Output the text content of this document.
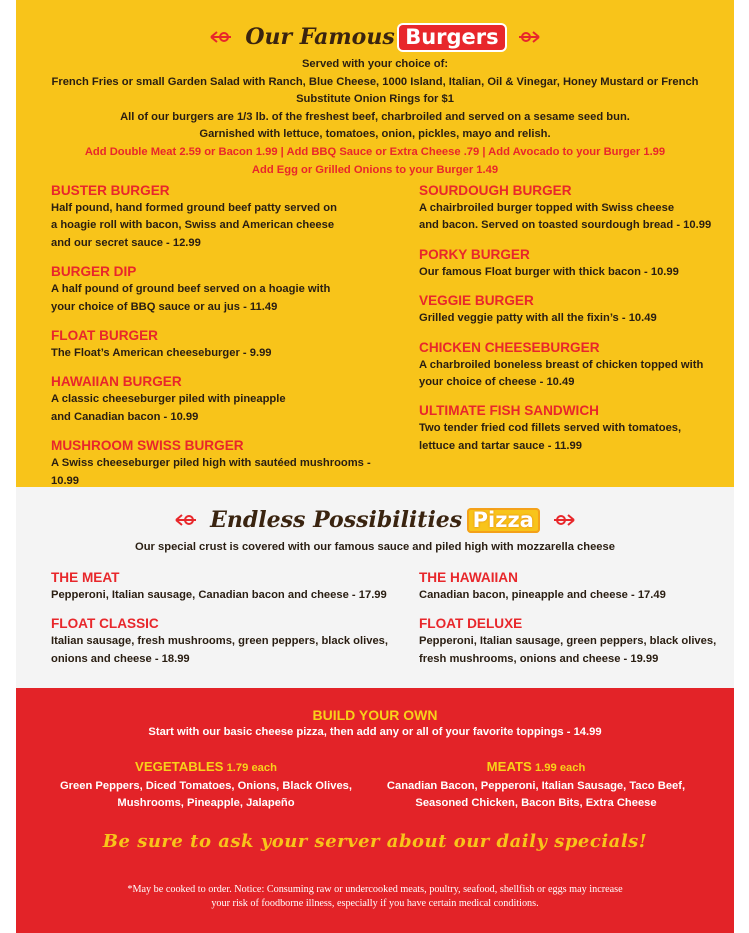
Our Famous Burgers
Served with your choice of:
French Fries or small Garden Salad with Ranch, Blue Cheese, 1000 Island, Italian, Oil & Vinegar, Honey Mustard or French
Substitute Onion Rings for $1
All of our burgers are 1/3 lb. of the freshest beef, charbroiled and served on a sesame seed bun.
Garnished with lettuce, tomatoes, onion, pickles, mayo and relish.
Add Double Meat 2.59 or Bacon 1.99 | Add BBQ Sauce or Extra Cheese .79 | Add Avocado to your Burger 1.99
Add Egg or Grilled Onions to your Burger 1.49
BUSTER BURGER
Half pound, hand formed ground beef patty served on
a hoagie roll with bacon, Swiss and American cheese
and our secret sauce - 12.99
BURGER DIP
A half pound of ground beef served on a hoagie with
your choice of BBQ sauce or au jus - 11.49
FLOAT BURGER
The Float’s American cheeseburger - 9.99
HAWAIIAN BURGER
A classic cheeseburger piled with pineapple
and Canadian bacon - 10.99
MUSHROOM SWISS BURGER
A Swiss cheeseburger piled high with sautéed mushrooms - 10.99
SOURDOUGH BURGER
A chairbroiled burger topped with Swiss cheese
and bacon. Served on toasted sourdough bread - 10.99
PORKY BURGER
Our famous Float burger with thick bacon - 10.99
VEGGIE BURGER
Grilled veggie patty with all the fixin’s - 10.49
CHICKEN CHEESEBURGER
A charbroiled boneless breast of chicken topped with
your choice of cheese - 10.49
ULTIMATE FISH SANDWICH
Two tender fried cod fillets served with tomatoes,
lettuce and tartar sauce - 11.99
Endless Possibilities Pizza
Our special crust is covered with our famous sauce and piled high with mozzarella cheese
THE MEAT
Pepperoni, Italian sausage, Canadian bacon and cheese - 17.99
FLOAT CLASSIC
Italian sausage, fresh mushrooms, green peppers, black olives,
onions and cheese - 18.99
THE HAWAIIAN
Canadian bacon, pineapple and cheese - 17.49
FLOAT DELUXE
Pepperoni, Italian sausage, green peppers, black olives,
fresh mushrooms, onions and cheese - 19.99
BUILD YOUR OWN
Start with our basic cheese pizza, then add any or all of your favorite toppings - 14.99
VEGETABLES 1.79 each
Green Peppers, Diced Tomatoes, Onions, Black Olives,
Mushrooms, Pineapple, Jalapeño
MEATS 1.99 each
Canadian Bacon, Pepperoni, Italian Sausage, Taco Beef,
Seasoned Chicken, Bacon Bits, Extra Cheese
Be sure to ask your server about our daily specials!
*May be cooked to order. Notice: Consuming raw or undercooked meats, poultry, seafood, shellfish or eggs may increase
your risk of foodborne illness, especially if you have certain medical conditions.
